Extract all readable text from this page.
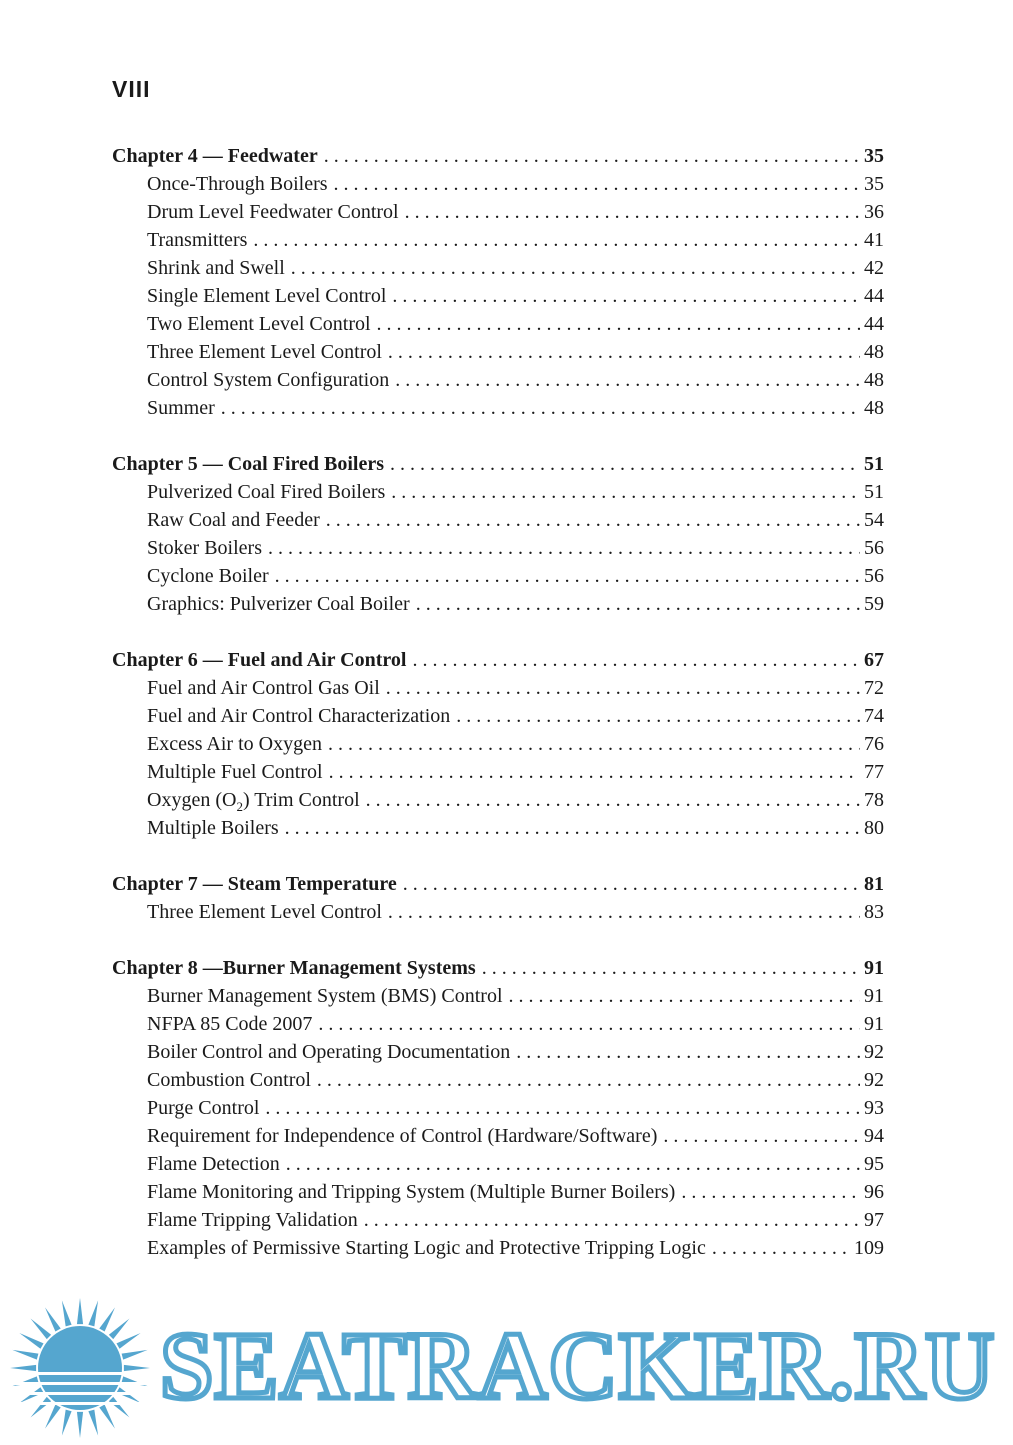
VIII
Chapter 4 — Feedwater . . .	35
Once-Through Boilers . . .	35
Drum Level Feedwater Control . . .	36
Transmitters . . .	41
Shrink and Swell . . .	42
Single Element Level Control . . .	44
Two Element Level Control . . .	44
Three Element Level Control . . .	48
Control System Configuration . . .	48
Summer . . .	48
Chapter 5 — Coal Fired Boilers . . .	51
Pulverized Coal Fired Boilers . . .	51
Raw Coal and Feeder . . .	54
Stoker Boilers . . .	56
Cyclone Boiler . . .	56
Graphics: Pulverizer Coal Boiler . . .	59
Chapter 6 — Fuel and Air Control . . .	67
Fuel and Air Control Gas Oil . . .	72
Fuel and Air Control Characterization . . .	74
Excess Air to Oxygen . . .	76
Multiple Fuel Control . . .	77
Oxygen $(O_2)$ Trim Control . . .	78
Multiple Boilers . . .	80
Chapter 7 — Steam Temperature . . .	81
Three Element Level Control . . .	83
Chapter 8 —Burner Management Systems . . .	91
Burner Management System (BMS) Control . . .	91
NFPA 85 Code 2007 . . .	91
Boiler Control and Operating Documentation . . .	92
Combustion Control . . .	92
Purge Control . . .	93
Requirement for Independence of Control (Hardware/Software) . . .	94
Flame Detection . . .	95
Flame Monitoring and Tripping System (Multiple Burner Boilers) . . .	96
Flame Tripping Validation . . .	97
Examples of Permissive Starting Logic and Protective Tripping Logic . . .	109
SEATRACKER.RU
